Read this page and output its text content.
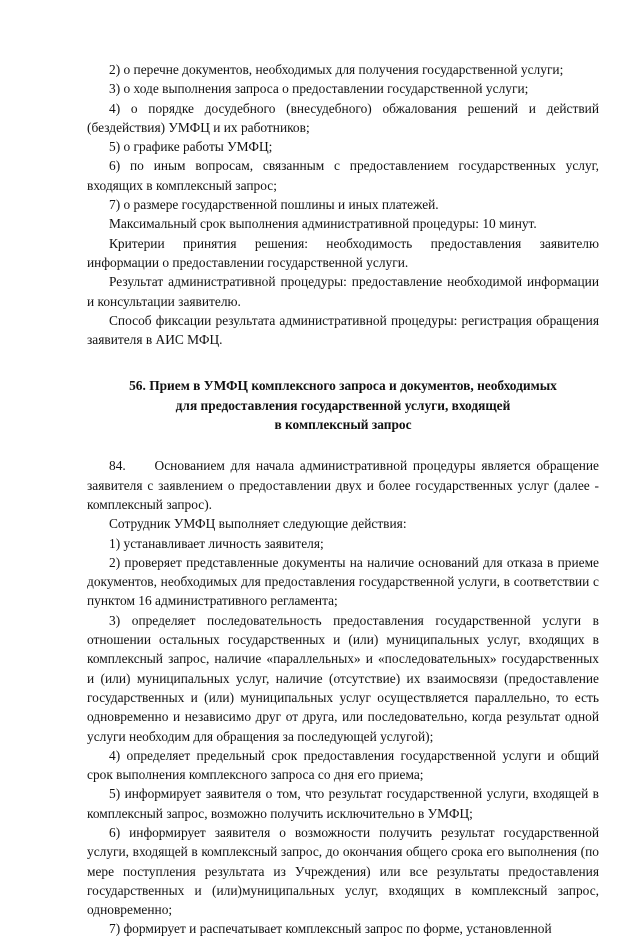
2) о перечне документов, необходимых для получения государственной услуги;

3) о ходе выполнения запроса о предоставлении государственной услуги;

4) о порядке досудебного (внесудебного) обжалования решений и действий (бездействия) УМФЦ и их работников;

5) о графике работы УМФЦ;

6) по иным вопросам, связанным с предоставлением государственных услуг, входящих в комплексный запрос;

7) о размере государственной пошлины и иных платежей.

Максимальный срок выполнения административной процедуры: 10 минут.

Критерии принятия решения: необходимость предоставления заявителю информации о предоставлении государственной услуги.

Результат административной процедуры: предоставление необходимой информации и консультации заявителю.

Способ фиксации результата административной процедуры: регистрация обращения заявителя в АИС МФЦ.

56. Прием в УМФЦ комплексного запроса и документов, необходимых
для предоставления государственной услуги, входящей
в комплексный запрос

84.     Основанием для начала административной процедуры является обращение заявителя с заявлением о предоставлении двух и более государственных услуг (далее - комплексный запрос).

Сотрудник УМФЦ выполняет следующие действия:

1) устанавливает личность заявителя;

2) проверяет представленные документы на наличие оснований для отказа в приеме документов, необходимых для предоставления государственной услуги, в соответствии с пунктом 16 административного регламента;

3) определяет последовательность предоставления государственной услуги в отношении остальных государственных и (или) муниципальных услуг, входящих в комплексный запрос, наличие «параллельных» и «последовательных» государственных и (или) муниципальных услуг, наличие (отсутствие) их взаимосвязи (предоставление государственных и (или) муниципальных услуг осуществляется параллельно, то есть одновременно и независимо друг от друга, или последовательно, когда результат одной услуги необходим для обращения за последующей услугой);

4) определяет предельный срок предоставления государственной услуги и общий срок выполнения комплексного запроса со дня его приема;

5) информирует заявителя о том, что результат государственной услуги, входящей в комплексный запрос, возможно получить исключительно в УМФЦ;

6) информирует заявителя о возможности получить результат государственной услуги, входящей в комплексный запрос, до окончания общего срока его выполнения (по мере поступления результата из Учреждения) или все результаты предоставления государственных и (или)муниципальных услуг, входящих в комплексный запрос, одновременно;

7) формирует и распечатывает комплексный запрос по форме, установленной
